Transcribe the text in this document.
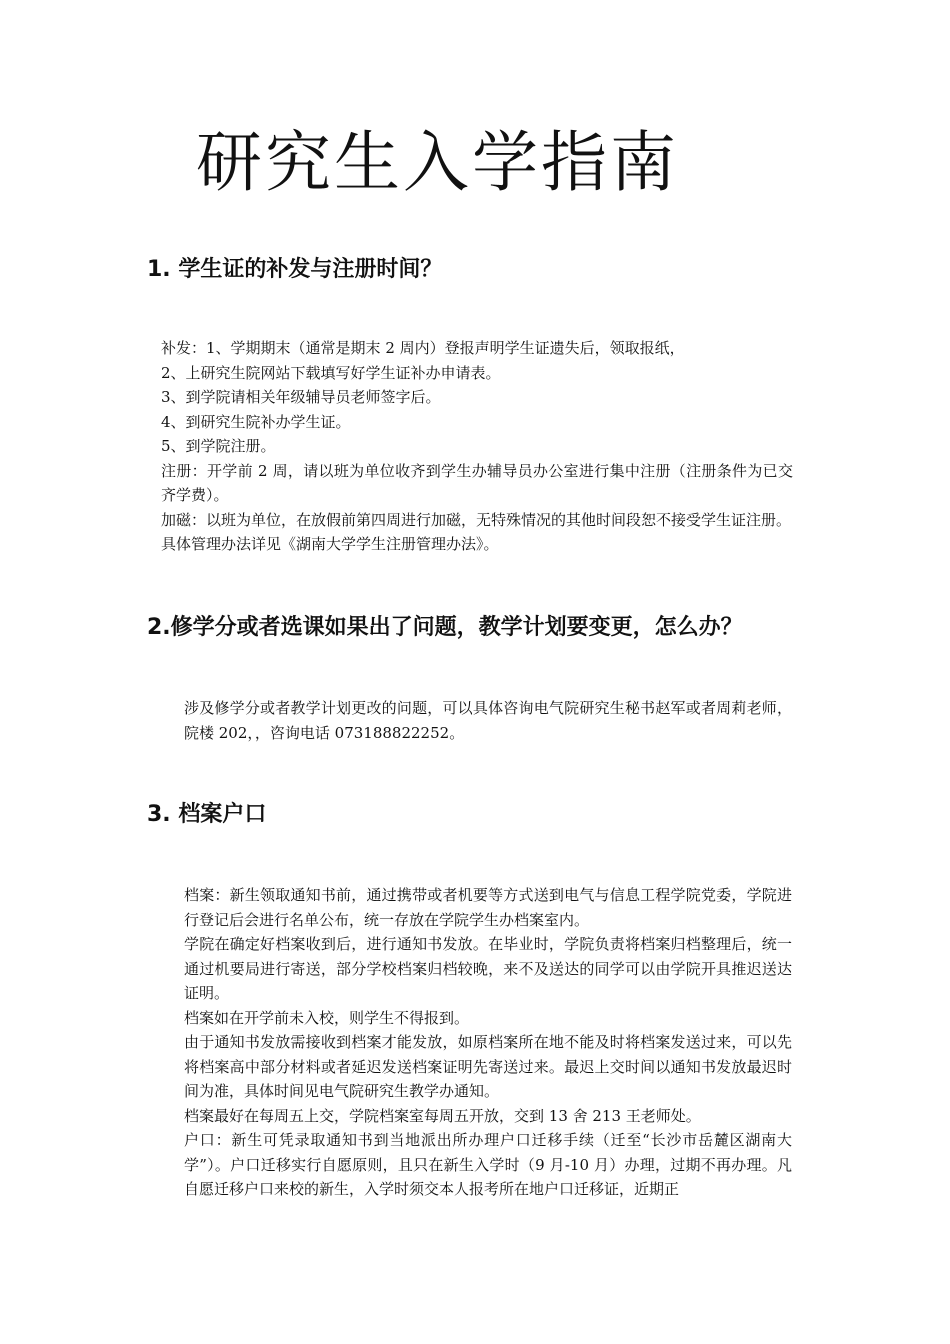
研究生入学指南
1. 学生证的补发与注册时间？

补发：1、学期期末（通常是期末 2 周内）登报声明学生证遗失后，领取报纸，

2、上研究生院网站下载填写好学生证补办申请表。

3、到学院请相关年级辅导员老师签字后。

4、到研究生院补办学生证。

5、到学院注册。

注册：开学前 2 周，请以班为单位收齐到学生办辅导员办公室进行集中注册（注册条件为已交齐学费）。

加磁：以班为单位，在放假前第四周进行加磁，无特殊情况的其他时间段恕不接受学生证注册。

具体管理办法详见《湖南大学学生注册管理办法》。

2.修学分或者选课如果出了问题，教学计划要变更，怎么办？

涉及修学分或者教学计划更改的问题，可以具体咨询电气院研究生秘书赵军或者周莉老师，院楼 202，，咨询电话 073188822252。

3. 档案户口

档案：新生领取通知书前，通过携带或者机要等方式送到电气与信息工程学院党委，学院进行登记后会进行名单公布，统一存放在学院学生办档案室内。

学院在确定好档案收到后，进行通知书发放。在毕业时，学院负责将档案归档整理后，统一通过机要局进行寄送，部分学校档案归档较晚，来不及送达的同学可以由学院开具推迟送达证明。

档案如在开学前未入校，则学生不得报到。

由于通知书发放需接收到档案才能发放，如原档案所在地不能及时将档案发送过来，可以先将档案高中部分材料或者延迟发送档案证明先寄送过来。最迟上交时间以通知书发放最迟时间为准，具体时间见电气院研究生教学办通知。

档案最好在每周五上交，学院档案室每周五开放，交到 13 舍 213 王老师处。

户口：新生可凭录取通知书到当地派出所办理户口迁移手续（迁至“长沙市岳麓区湖南大学”）。户口迁移实行自愿原则，且只在新生入学时（9 月-10 月）办理，过期不再办理。凡自愿迁移户口来校的新生，入学时须交本人报考所在地户口迁移证，近期正
